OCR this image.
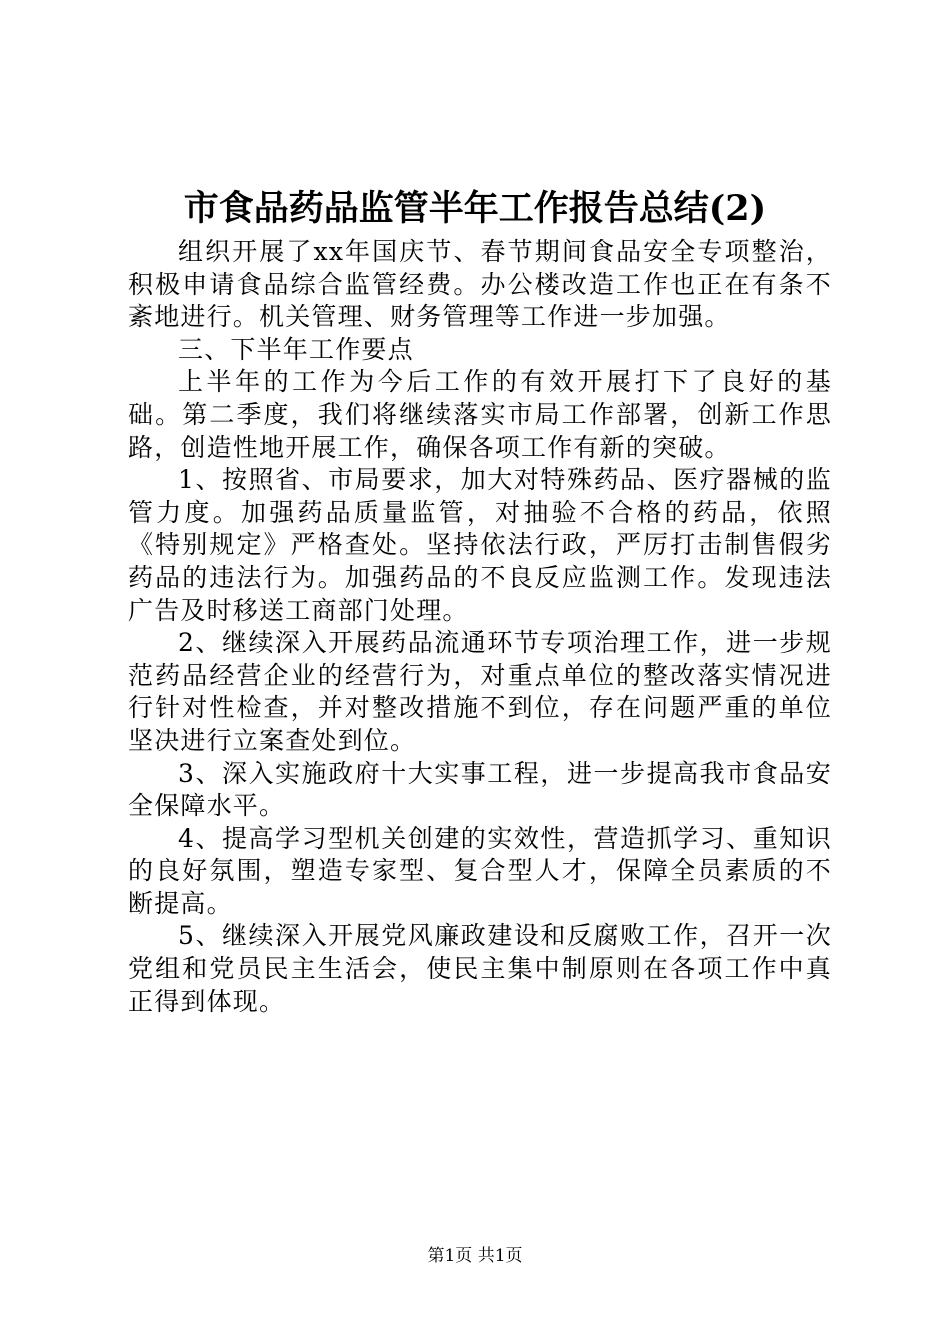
市食品药品监管半年工作报告总结(2)

组织开展了xx年国庆节、春节期间食品安全专项整治，积极申请食品综合监管经费。办公楼改造工作也正在有条不紊地进行。机关管理、财务管理等工作进一步加强。

三、下半年工作要点

上半年的工作为今后工作的有效开展打下了良好的基础。第二季度，我们将继续落实市局工作部署，创新工作思路，创造性地开展工作，确保各项工作有新的突破。

1、按照省、市局要求，加大对特殊药品、医疗器械的监管力度。加强药品质量监管，对抽验不合格的药品，依照《特别规定》严格查处。坚持依法行政，严厉打击制售假劣药品的违法行为。加强药品的不良反应监测工作。发现违法广告及时移送工商部门处理。

2、继续深入开展药品流通环节专项治理工作，进一步规范药品经营企业的经营行为，对重点单位的整改落实情况进行针对性检查，并对整改措施不到位，存在问题严重的单位坚决进行立案查处到位。

3、深入实施政府十大实事工程，进一步提高我市食品安全保障水平。

4、提高学习型机关创建的实效性，营造抓学习、重知识的良好氛围，塑造专家型、复合型人才，保障全员素质的不断提高。

5、继续深入开展党风廉政建设和反腐败工作，召开一次党组和党员民主生活会，使民主集中制原则在各项工作中真正得到体现。

第1页 共1页
